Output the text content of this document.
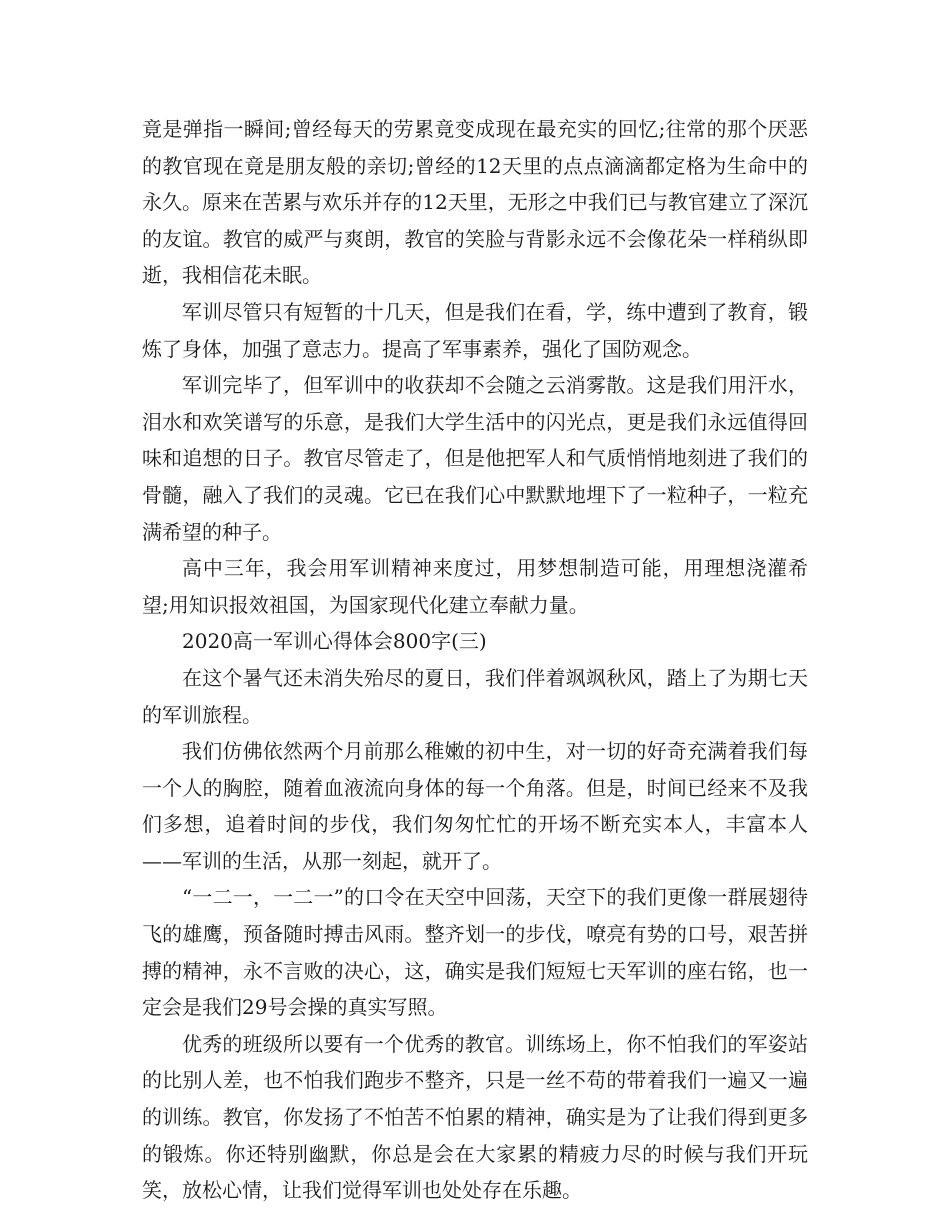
竟是弹指一瞬间;曾经每天的劳累竟变成现在最充实的回忆;往常的那个厌恶的教官现在竟是朋友般的亲切;曾经的12天里的点点滴滴都定格为生命中的永久。原来在苦累与欢乐并存的12天里，无形之中我们已与教官建立了深沉的友谊。教官的威严与爽朗，教官的笑脸与背影永远不会像花朵一样稍纵即逝，我相信花未眠。

军训尽管只有短暂的十几天，但是我们在看，学，练中遭到了教育，锻炼了身体，加强了意志力。提高了军事素养，强化了国防观念。

军训完毕了，但军训中的收获却不会随之云消雾散。这是我们用汗水，泪水和欢笑谱写的乐意，是我们大学生活中的闪光点，更是我们永远值得回味和追想的日子。教官尽管走了，但是他把军人和气质悄悄地刻进了我们的骨髓，融入了我们的灵魂。它已在我们心中默默地埋下了一粒种子，一粒充满希望的种子。

高中三年，我会用军训精神来度过，用梦想制造可能，用理想浇灌希望;用知识报效祖国，为国家现代化建立奉献力量。

2020高一军训心得体会800字(三)

在这个暑气还未消失殆尽的夏日，我们伴着飒飒秋风，踏上了为期七天的军训旅程。

我们仿佛依然两个月前那么稚嫩的初中生，对一切的好奇充满着我们每一个人的胸腔，随着血液流向身体的每一个角落。但是，时间已经来不及我们多想，追着时间的步伐，我们匆匆忙忙的开场不断充实本人，丰富本人——军训的生活，从那一刻起，就开了。

“一二一，一二一”的口令在天空中回荡，天空下的我们更像一群展翅待飞的雄鹰，预备随时搏击风雨。整齐划一的步伐，嘹亮有势的口号，艰苦拼搏的精神，永不言败的决心，这，确实是我们短短七天军训的座右铭，也一定会是我们29号会操的真实写照。

优秀的班级所以要有一个优秀的教官。训练场上，你不怕我们的军姿站的比别人差，也不怕我们跑步不整齐，只是一丝不苟的带着我们一遍又一遍的训练。教官，你发扬了不怕苦不怕累的精神，确实是为了让我们得到更多的锻炼。你还特别幽默，你总是会在大家累的精疲力尽的时候与我们开玩笑，放松心情，让我们觉得军训也处处存在乐趣。
